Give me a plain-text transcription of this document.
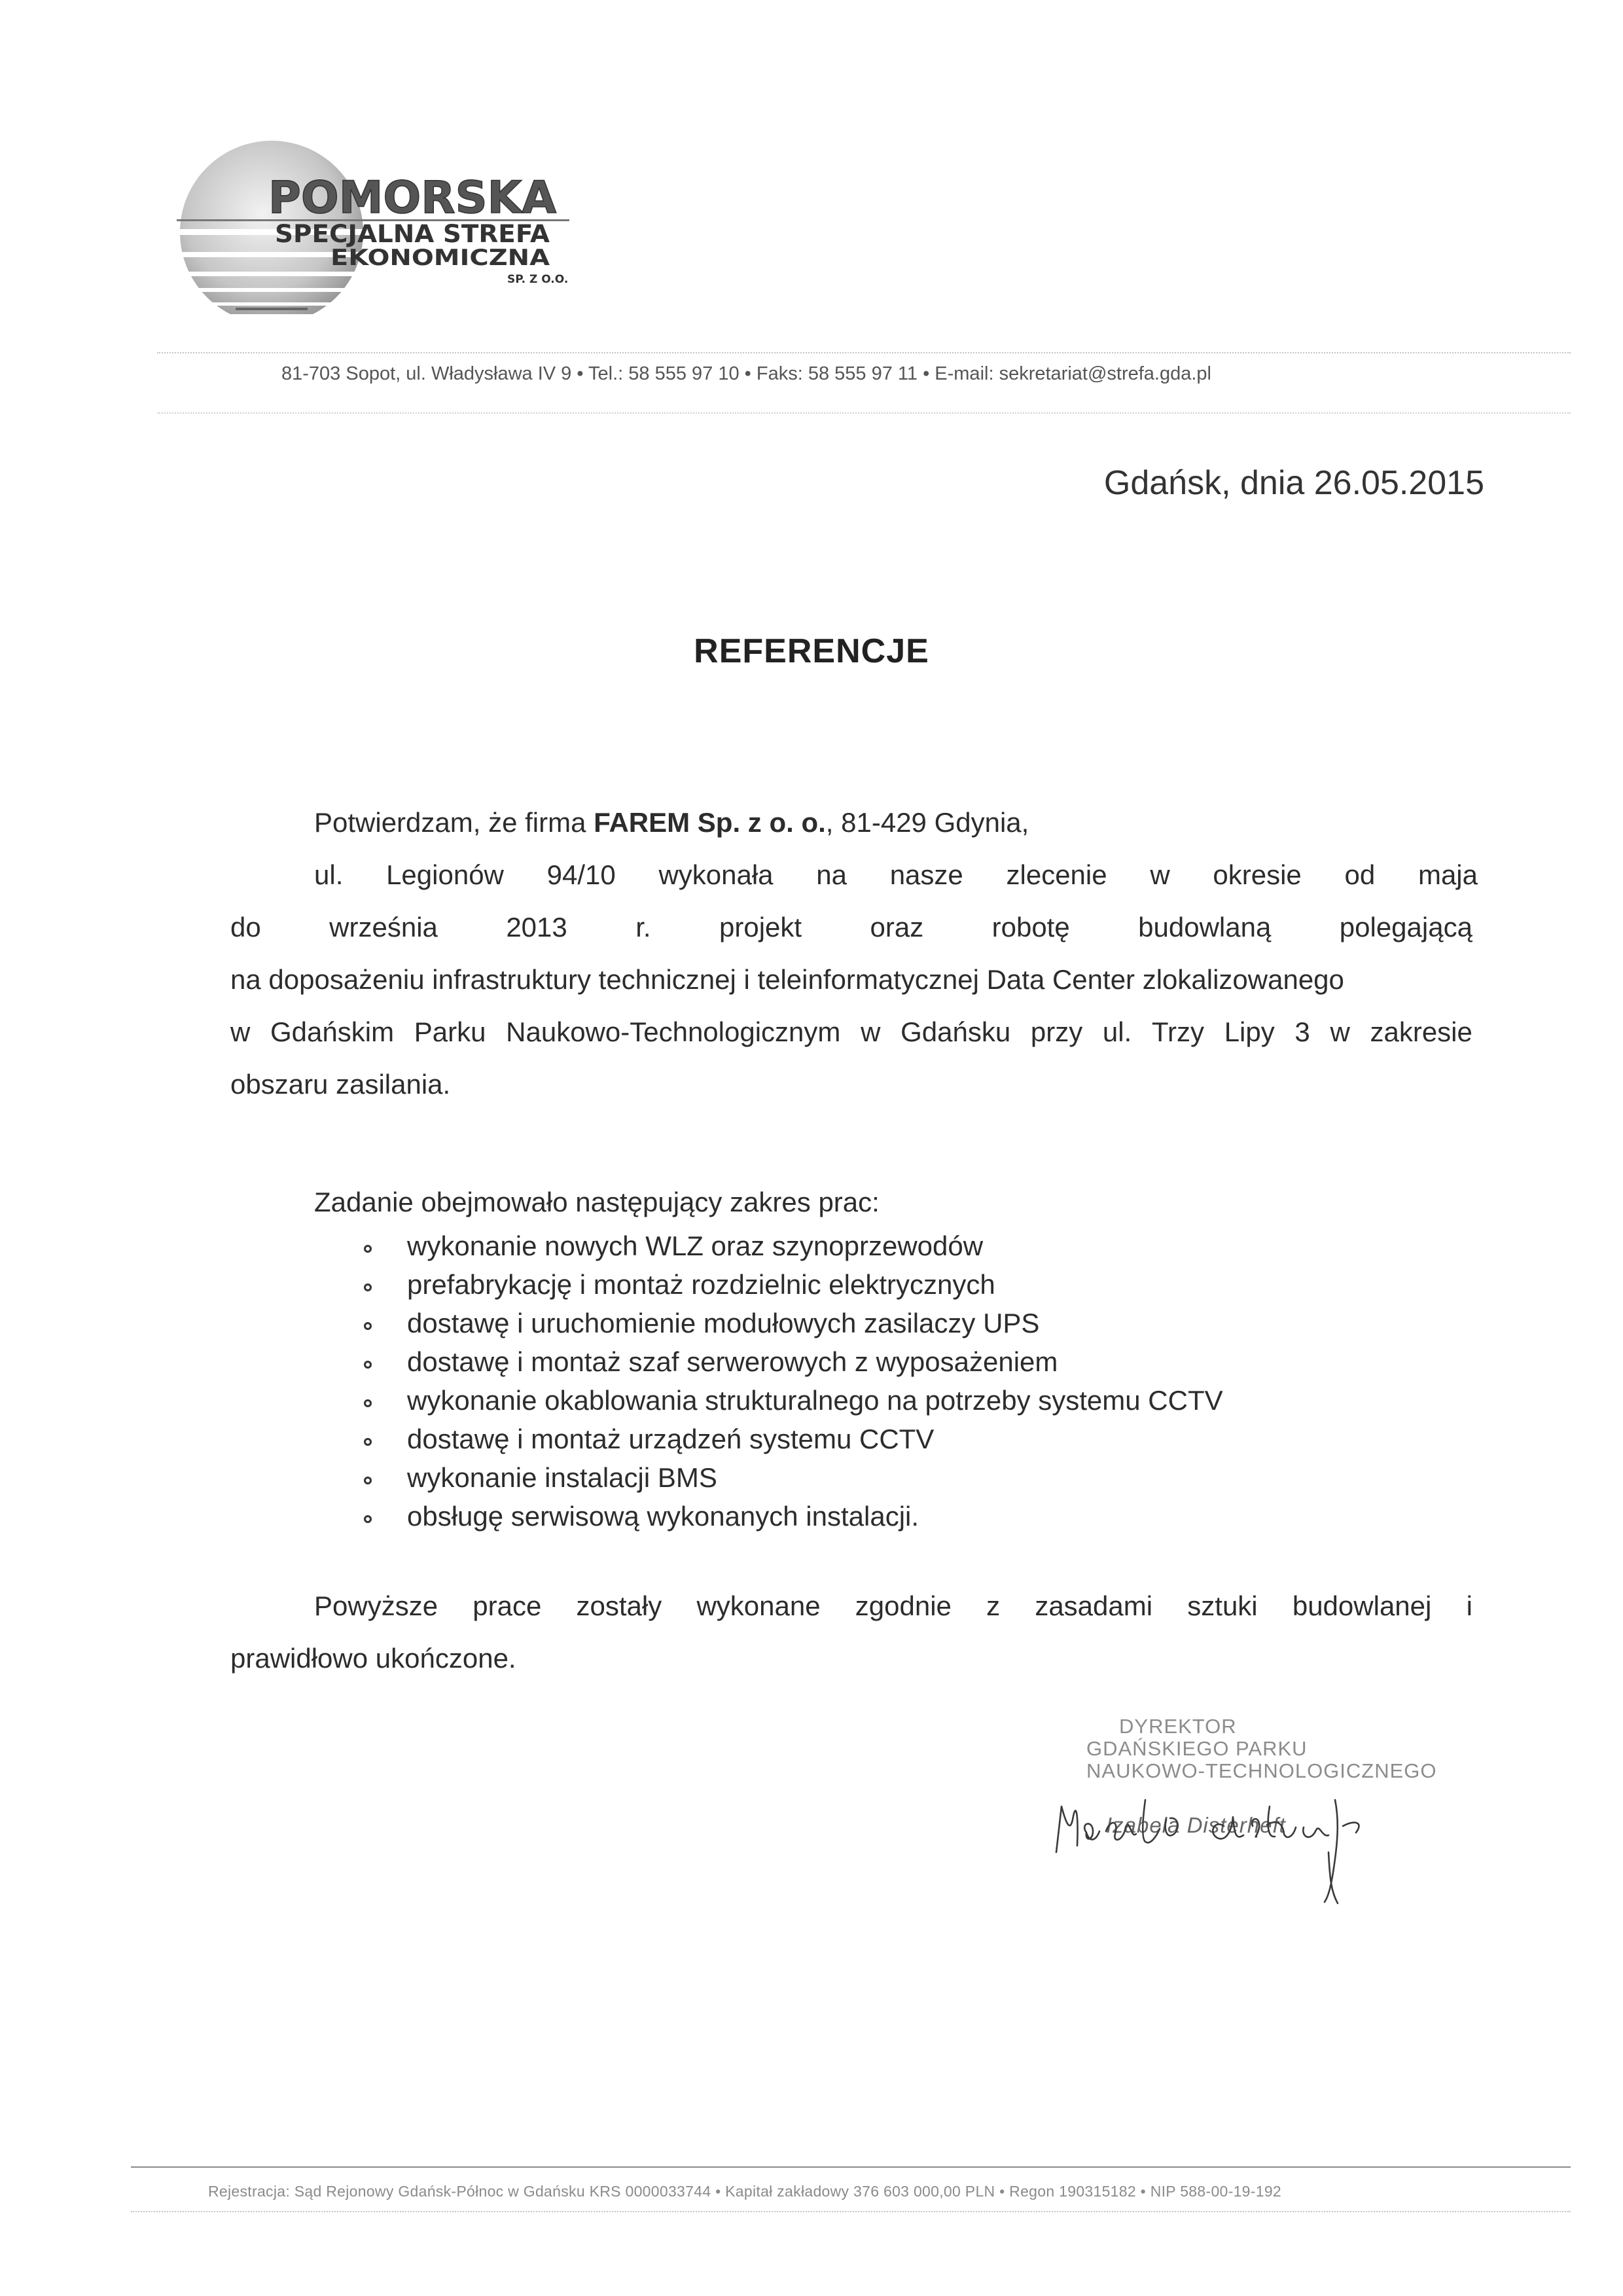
POMORSKA
SPECJALNA STREFA
EKONOMICZNA
SP. Z O.O.
81-703 Sopot, ul. Władysława IV 9 • Tel.: 58 555 97 10 • Faks: 58 555 97 11 • E-mail: sekretariat@strefa.gda.pl
Gdańsk, dnia 26.05.2015
REFERENCJE
Potwierdzam, że firma FAREM Sp. z o. o., 81-429 Gdynia,
ul. Legionów 94/10 wykonała na nasze zlecenie w okresie od maja
do września 2013 r. projekt oraz robotę budowlaną polegającą
na doposażeniu infrastruktury technicznej i teleinformatycznej Data Center zlokalizowanego
w Gdańskim Parku Naukowo-Technologicznym w Gdańsku przy ul. Trzy Lipy 3 w zakresie
obszaru zasilania.
Zadanie obejmowało następujący zakres prac:
wykonanie nowych WLZ oraz szynoprzewodów
prefabrykację i montaż rozdzielnic elektrycznych
dostawę i uruchomienie modułowych zasilaczy UPS
dostawę i montaż szaf serwerowych z wyposażeniem
wykonanie okablowania strukturalnego na potrzeby systemu CCTV
dostawę i montaż urządzeń systemu CCTV
wykonanie instalacji BMS
obsługę serwisową wykonanych instalacji.
Powyższe prace zostały wykonane zgodnie z zasadami sztuki budowlanej i
prawidłowo ukończone.
DYREKTOR
GDAŃSKIEGO PARKU
NAUKOWO-TECHNOLOGICZNEGO
Izabela Disterheft
Rejestracja: Sąd Rejonowy Gdańsk-Północ w Gdańsku KRS 0000033744 • Kapitał zakładowy 376 603 000,00 PLN • Regon 190315182 • NIP 588-00-19-192
